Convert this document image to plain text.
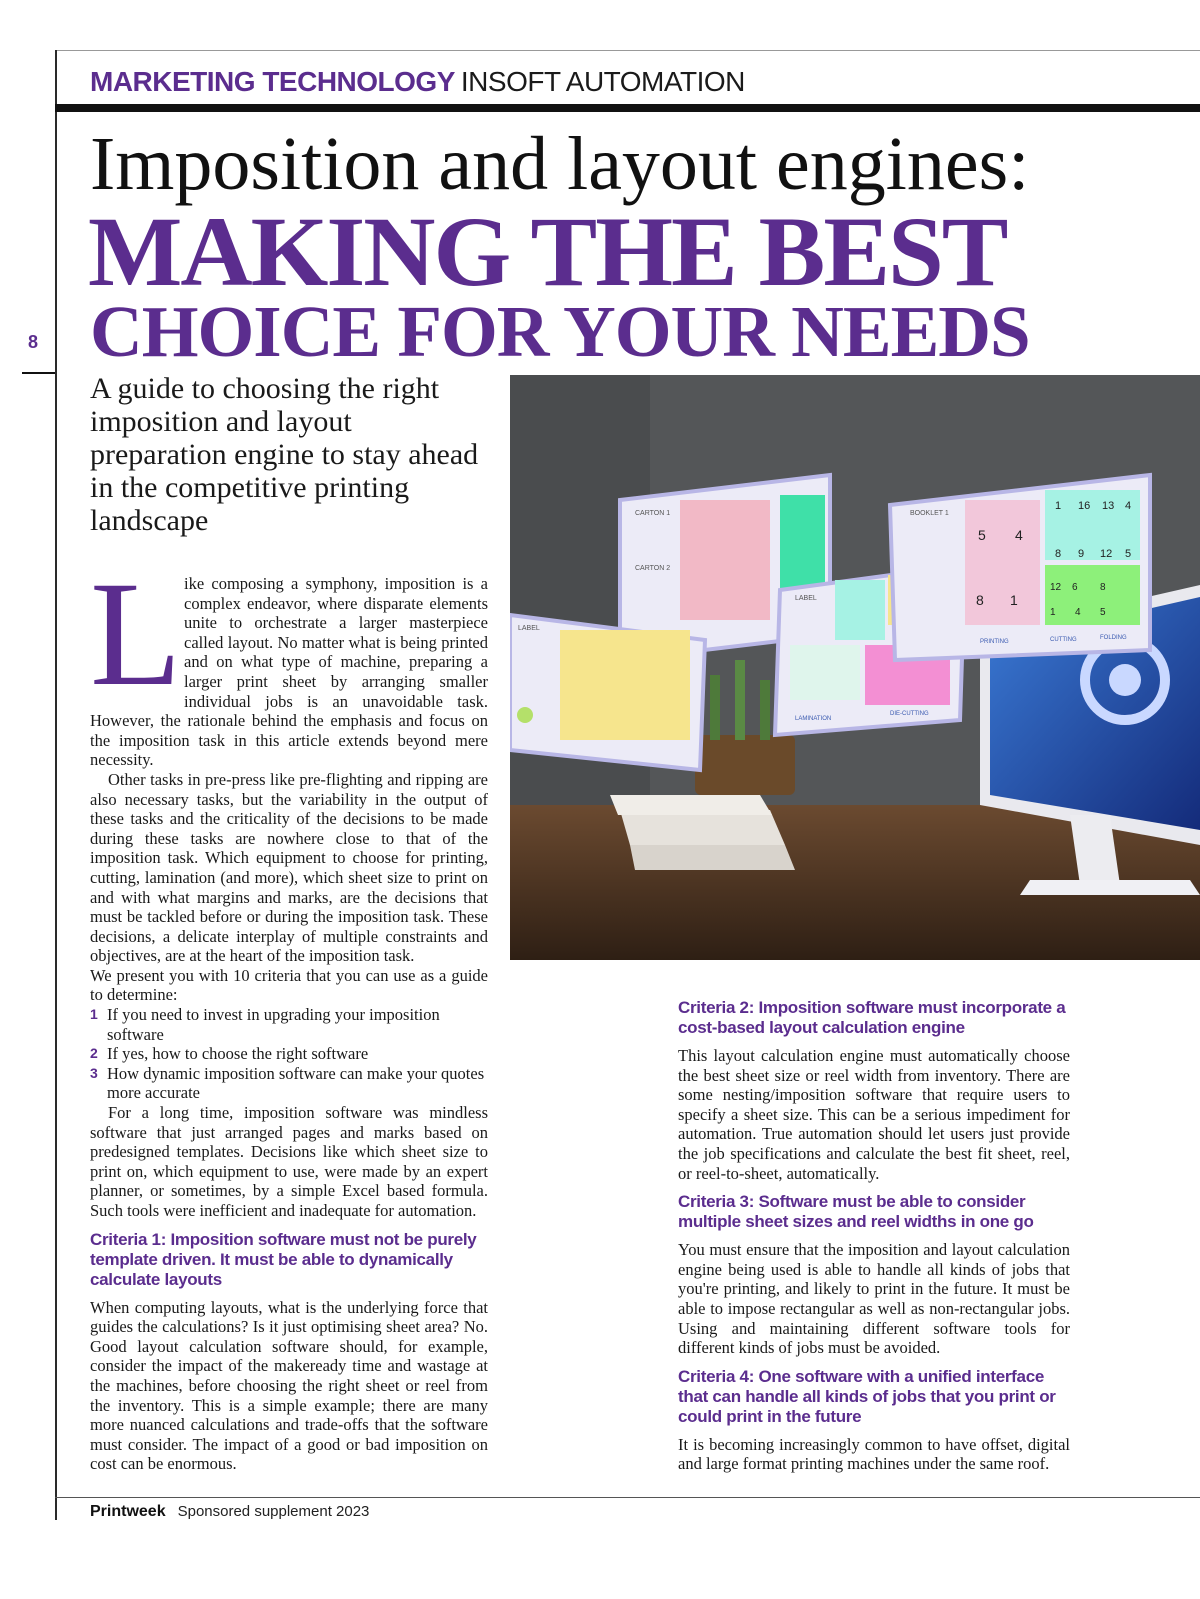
MARKETING TECHNOLOGY INSOFT AUTOMATION
8
Imposition and layout engines:
MAKING THE BEST
CHOICE FOR YOUR NEEDS
A guide to choosing the right imposition and layout preparation engine to stay ahead in the competitive printing landscape

Like composing a symphony, imposition is a complex endeavor, where disparate elements unite to orchestrate a larger masterpiece called layout. No matter what is being printed and on what type of machine, preparing a larger print sheet by arranging smaller individual jobs is an unavoidable task. However, the rationale behind the emphasis and focus on the imposition task in this article extends beyond mere necessity.

Other tasks in pre-press like pre-flighting and ripping are also necessary tasks, but the variability in the output of these tasks and the criticality of the decisions to be made during these tasks are nowhere close to that of the imposition task. Which equipment to choose for printing, cutting, lamination (and more), which sheet size to print on and with what margins and marks, are the decisions that must be tackled before or during the imposition task. These decisions, a delicate interplay of multiple constraints and objectives, are at the heart of the imposition task.

We present you with 10 criteria that you can use as a guide to determine:

1 If you need to invest in upgrading your imposition software
2 If yes, how to choose the right software
3 How dynamic imposition software can make your quotes more accurate

For a long time, imposition software was mindless software that just arranged pages and marks based on predesigned templates. Decisions like which sheet size to print on, which equipment to use, were made by an expert planner, or sometimes, by a simple Excel based formula. Such tools were inefficient and inadequate for automation.

Criteria 1: Imposition software must not be purely template driven. It must be able to dynamically calculate layouts

When computing layouts, what is the underlying force that guides the calculations? Is it just optimising sheet area? No. Good layout calculation software should, for example, consider the impact of the makeready time and wastage at the machines, before choosing the right sheet or reel from the inventory. This is a simple example; there are many more nuanced calculations and trade-offs that the software must consider. The impact of a good or bad imposition on cost can be enormous.

CARTON 1
CARTON 2
LABEL
LABEL
LAMINATION
DIE-CUTTING
BOOKLET 1
1 16 13 4
8 9 12 5
5 4
8 1
12 6 8
1 4 5
PRINTING	CUTTING	FOLDING
Criteria 2: Imposition software must incorporate a cost-based layout calculation engine

This layout calculation engine must automatically choose the best sheet size or reel width from inventory. There are some nesting/imposition software that require users to specify a sheet size. This can be a serious impediment for automation. True automation should let users just provide the job specifications and calculate the best fit sheet, reel, or reel-to-sheet, automatically.

Criteria 3: Software must be able to consider multiple sheet sizes and reel widths in one go

You must ensure that the imposition and layout calculation engine being used is able to handle all kinds of jobs that you're printing, and likely to print in the future. It must be able to impose rectangular as well as non-rectangular jobs. Using and maintaining different software tools for different kinds of jobs must be avoided.

Criteria 4: One software with a unified interface that can handle all kinds of jobs that you print or could print in the future

It is becoming increasingly common to have offset, digital and large format printing machines under the same roof.

Printweek Sponsored supplement 2023
